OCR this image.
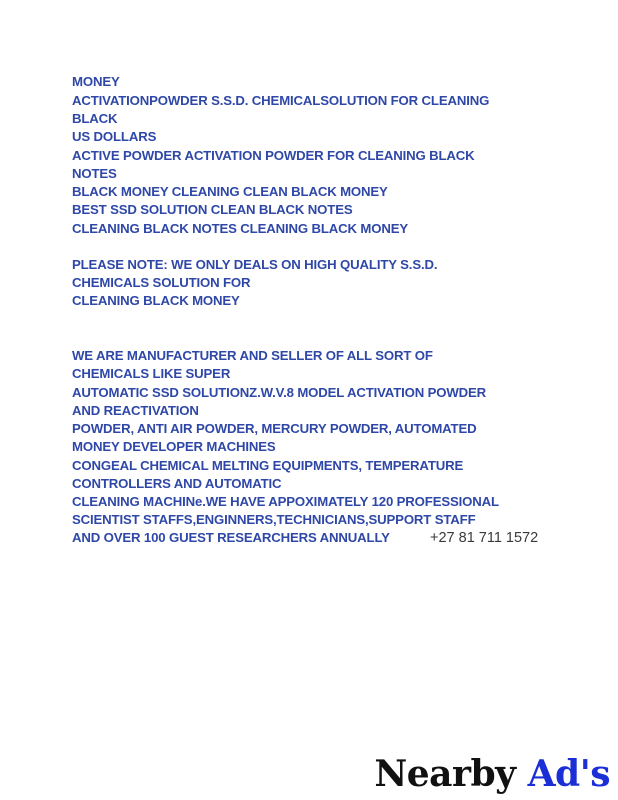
MONEY

ACTIVATIONPOWDER S.S.D. CHEMICALSOLUTION FOR CLEANING

BLACK

US DOLLARS

ACTIVE POWDER ACTIVATION POWDER FOR CLEANING BLACK

NOTES

BLACK MONEY CLEANING CLEAN BLACK MONEY

BEST SSD SOLUTION CLEAN BLACK NOTES

CLEANING BLACK NOTES CLEANING BLACK MONEY

PLEASE NOTE: WE ONLY DEALS ON HIGH QUALITY S.S.D.

CHEMICALS SOLUTION FOR

CLEANING BLACK MONEY

WE ARE MANUFACTURER AND SELLER OF ALL SORT OF

CHEMICALS LIKE SUPER

AUTOMATIC SSD SOLUTIONZ.W.V.8 MODEL ACTIVATION POWDER

AND REACTIVATION

POWDER, ANTI AIR POWDER, MERCURY POWDER, AUTOMATED

MONEY DEVELOPER MACHINES

CONGEAL CHEMICAL MELTING EQUIPMENTS, TEMPERATURE

CONTROLLERS AND AUTOMATIC

CLEANING MACHINe.WE HAVE APPOXIMATELY 120 PROFESSIONAL

SCIENTIST STAFFS,ENGINNERS,TECHNICIANS,SUPPORT STAFF

AND OVER 100 GUEST RESEARCHERS ANNUALLY	+27 81 711 1572
Nearby Ad's
